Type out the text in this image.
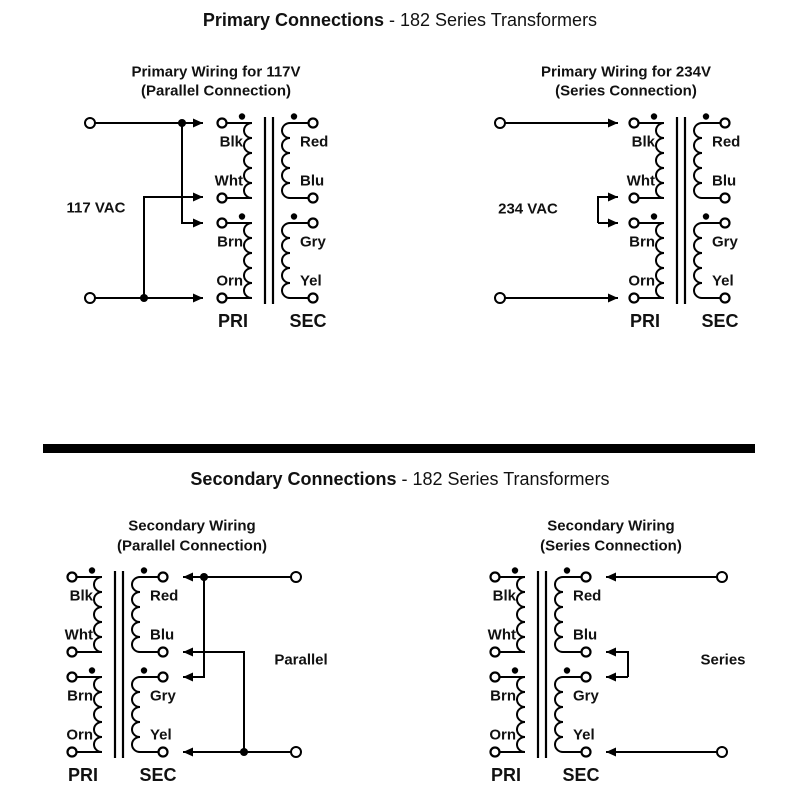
Primary Connections - 182 Series Transformers
Secondary Connections - 182 Series Transformers
Primary Wiring for 117V
(Parallel Connection)
117 VAC
Blk
Wht
Red
Blu
Brn
Orn
Gry
Yel
PRI SEC
Primary Wiring for 234V
(Series Connection)
234 VAC
Blk
Wht
Red
Blu
Brn
Orn
Gry
Yel
PRI SEC
Secondary Wiring
(Parallel Connection)
Parallel
Blk
Wht
Red
Blu
Brn
Orn
Gry
Yel
PRI SEC
Secondary Wiring
(Series Connection)
Series
Blk
Wht
Red
Blu
Brn
Orn
Gry
Yel
PRI SEC
